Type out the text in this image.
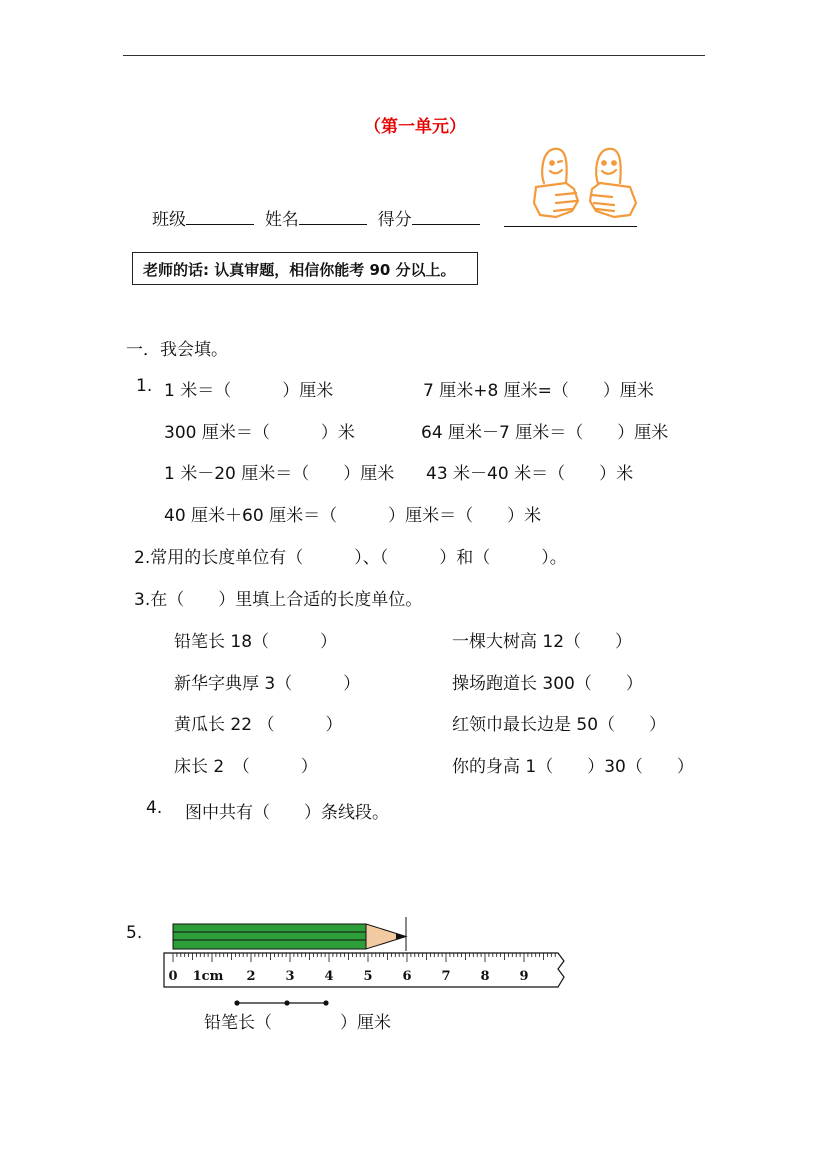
（第一单元）
班级	姓名	得分
老师的话: 认真审题，相信你能考 90 分以上。
一．我会填。
1. 1 米＝（　　　）厘米	7 厘米+8 厘米=（　　）厘米
300 厘米＝（　　　）米	64 厘米－7 厘米＝（　　）厘米
1 米－20 厘米＝（　　）厘米 43 米－40 米＝（　　）米
40 厘米＋60 厘米＝（　　　）厘米＝（　　）米
2.常用的长度单位有（　　　）、（　　　）和（　　　）。
3.在（　　）里填上合适的长度单位。
铅笔长 18（　　　）	一棵大树高 12（　　）
新华字典厚 3（　　　）	操场跑道长 300（　　）
黄瓜长 22 （　　　）	红领巾最长边是 50（　　）
床长 2　（　　　）	你的身高 1（　　）30（　　）
4. 图中共有（　　）条线段。
5.
0 1cm 2 3 4 5 6 7 8 9
铅笔长（　　　　）厘米
